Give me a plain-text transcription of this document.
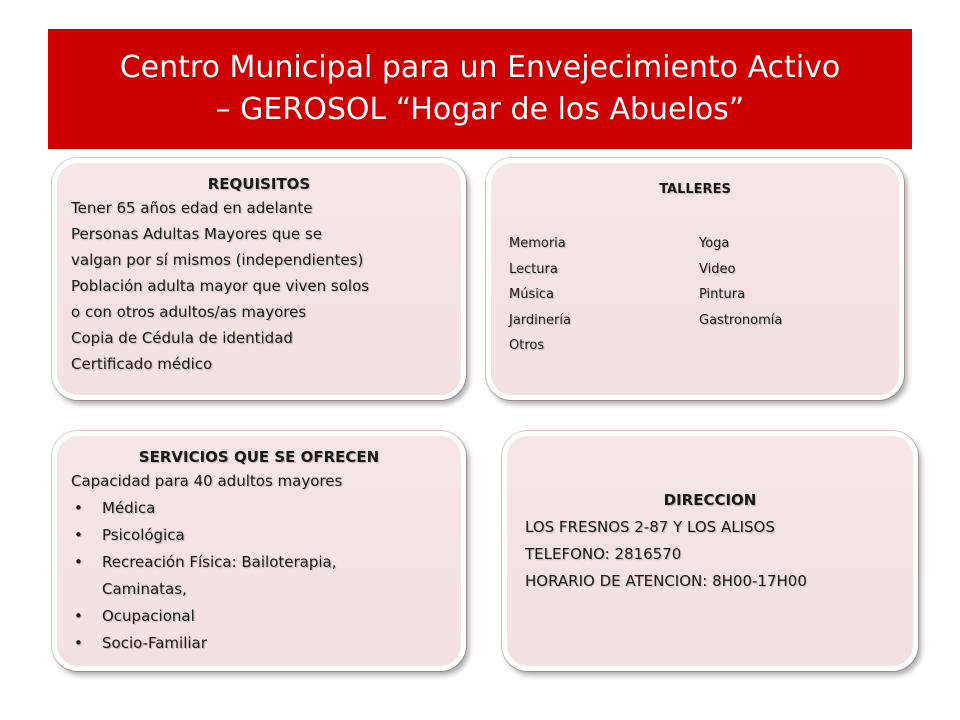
Centro Municipal para un Envejecimiento Activo
– GEROSOL “Hogar de los Abuelos”
REQUISITOS
Tener 65 años edad en adelante
Personas Adultas Mayores que se
valgan por sí mismos (independientes)
Población adulta mayor que viven solos
o con otros adultos/as mayores
Copia de Cédula de identidad
Certificado médico
TALLERES
Memoria	Yoga
Lectura	Video
Música	Pintura
Jardinería	Gastronomía
Otros
SERVICIOS QUE SE OFRECEN
Capacidad para 40 adultos mayores
• Médica
• Psicológica
• Recreación Física: Bailoterapia, Caminatas,
• Ocupacional
• Socio-Familiar
DIRECCION
LOS FRESNOS 2-87 Y LOS ALISOS
TELEFONO: 2816570
HORARIO DE ATENCION: 8H00-17H00
